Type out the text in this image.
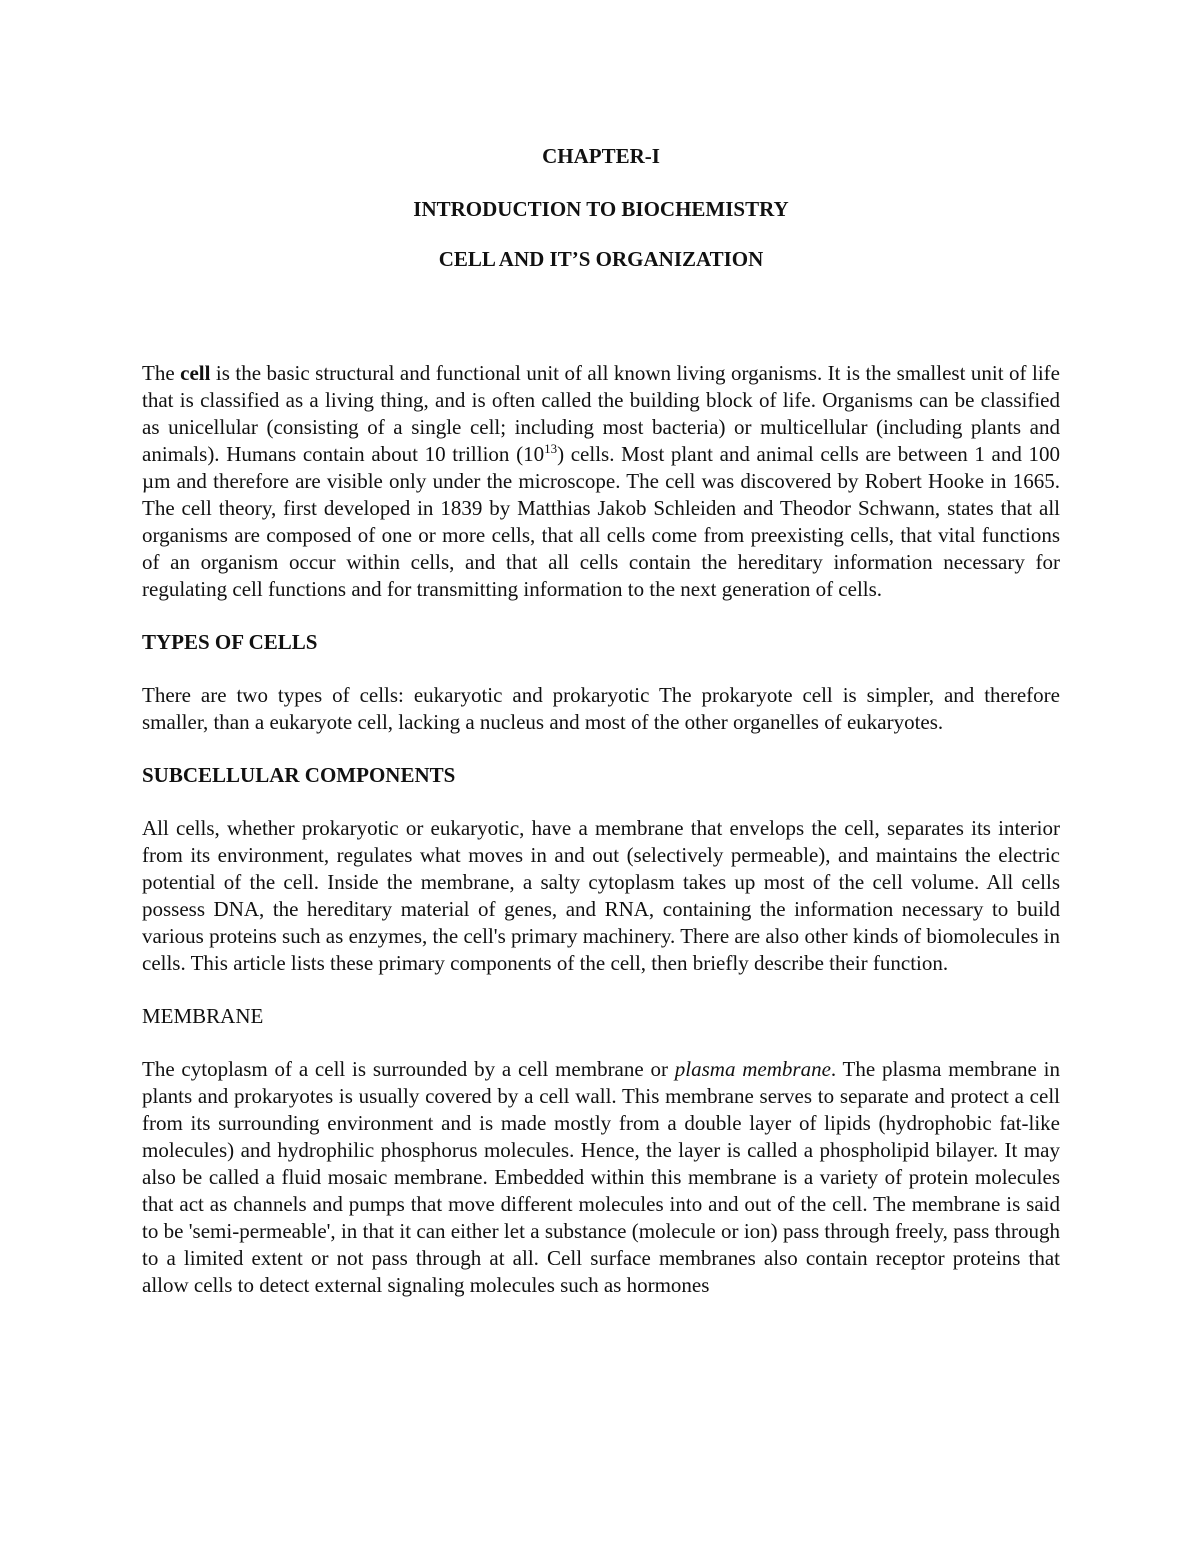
CHAPTER-I

INTRODUCTION TO BIOCHEMISTRY

CELL AND IT’S ORGANIZATION

The cell is the basic structural and functional unit of all known living organisms. It is the smallest unit of life that is classified as a living thing, and is often called the building block of life. Organisms can be classified as unicellular (consisting of a single cell; including most bacteria) or multicellular (including plants and animals). Humans contain about 10 trillion $(10^{13})$ cells. Most plant and animal cells are between 1 and 100 µm and therefore are visible only under the microscope. The cell was discovered by Robert Hooke in 1665. The cell theory, first developed in 1839 by Matthias Jakob Schleiden and Theodor Schwann, states that all organisms are composed of one or more cells, that all cells come from preexisting cells, that vital functions of an organism occur within cells, and that all cells contain the hereditary information necessary for regulating cell functions and for transmitting information to the next generation of cells.

TYPES OF CELLS

There are two types of cells: eukaryotic and prokaryotic The prokaryote cell is simpler, and therefore smaller, than a eukaryote cell, lacking a nucleus and most of the other organelles of eukaryotes.

SUBCELLULAR COMPONENTS

All cells, whether prokaryotic or eukaryotic, have a membrane that envelops the cell, separates its interior from its environment, regulates what moves in and out (selectively permeable), and maintains the electric potential of the cell. Inside the membrane, a salty cytoplasm takes up most of the cell volume. All cells possess DNA, the hereditary material of genes, and RNA, containing the information necessary to build various proteins such as enzymes, the cell's primary machinery. There are also other kinds of biomolecules in cells. This article lists these primary components of the cell, then briefly describe their function.

MEMBRANE

The cytoplasm of a cell is surrounded by a cell membrane or plasma membrane. The plasma membrane in plants and prokaryotes is usually covered by a cell wall. This membrane serves to separate and protect a cell from its surrounding environment and is made mostly from a double layer of lipids (hydrophobic fat-like molecules) and hydrophilic phosphorus molecules. Hence, the layer is called a phospholipid bilayer. It may also be called a fluid mosaic membrane. Embedded within this membrane is a variety of protein molecules that act as channels and pumps that move different molecules into and out of the cell. The membrane is said to be 'semi-permeable', in that it can either let a substance (molecule or ion) pass through freely, pass through to a limited extent or not pass through at all. Cell surface membranes also contain receptor proteins that allow cells to detect external signaling molecules such as hormones
